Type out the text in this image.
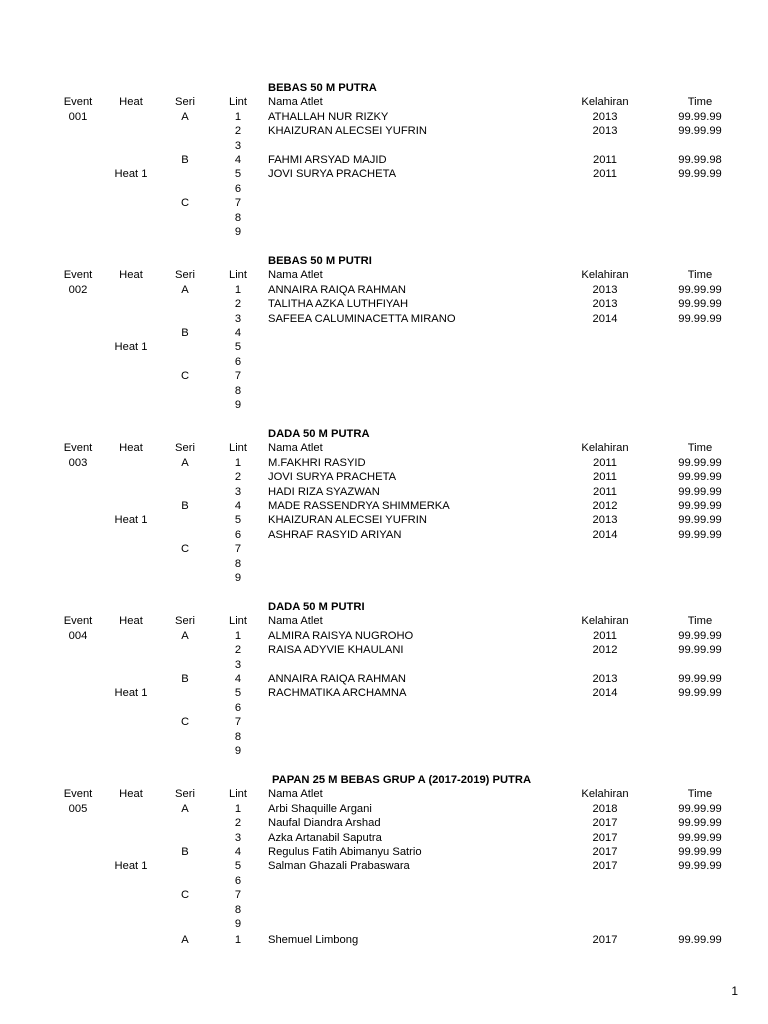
BEBAS 50 M PUTRA
Event	Heat	Seri	Lint	Nama Atlet	Kelahiran	Time
001
Heat 1
A	1	ATHALLAH NUR RIZKY	2013	99.99.99
2	KHAIZURAN ALECSEI YUFRIN	2013	99.99.99
3
B	4	FAHMI ARSYAD MAJID	2011	99.99.98
5	JOVI SURYA PRACHETA	2011	99.99.99
6
C	7
8
9
BEBAS 50 M PUTRI
Event	Heat	Seri	Lint	Nama Atlet	Kelahiran	Time
002
Heat 1
A	1	ANNAIRA RAIQA RAHMAN	2013	99.99.99
2	TALITHA AZKA LUTHFIYAH	2013	99.99.99
3	SAFEEA CALUMINACETTA MIRANO	2014	99.99.99
B	4
5
6
C	7
8
9
DADA 50 M PUTRA
Event	Heat	Seri	Lint	Nama Atlet	Kelahiran	Time
003
Heat 1
A	1	M.FAKHRI RASYID	2011	99.99.99
2	JOVI SURYA PRACHETA	2011	99.99.99
3	HADI RIZA SYAZWAN	2011	99.99.99
B	4	MADE RASSENDRYA SHIMMERKA	2012	99.99.99
5	KHAIZURAN ALECSEI YUFRIN	2013	99.99.99
6	ASHRAF RASYID ARIYAN	2014	99.99.99
C	7
8
9
DADA 50 M PUTRI
Event	Heat	Seri	Lint	Nama Atlet	Kelahiran	Time
004
Heat 1
A	1	ALMIRA RAISYA NUGROHO	2011	99.99.99
2	RAISA ADYVIE KHAULANI	2012	99.99.99
3
B	4	ANNAIRA RAIQA RAHMAN	2013	99.99.99
5	RACHMATIKA ARCHAMNA	2014	99.99.99
6
C	7
8
9
PAPAN 25 M BEBAS GRUP A (2017-2019) PUTRA
Event	Heat	Seri	Lint	Nama Atlet	Kelahiran	Time
005
Heat 1
A	1	Arbi Shaquille Argani	2018	99.99.99
2	Naufal Diandra Arshad	2017	99.99.99
3	Azka Artanabil Saputra	2017	99.99.99
B	4	Regulus Fatih Abimanyu Satrio	2017	99.99.99
5	Salman Ghazali Prabaswara	2017	99.99.99
6
C	7
8
9
A	1	Shemuel Limbong	2017	99.99.99
1
